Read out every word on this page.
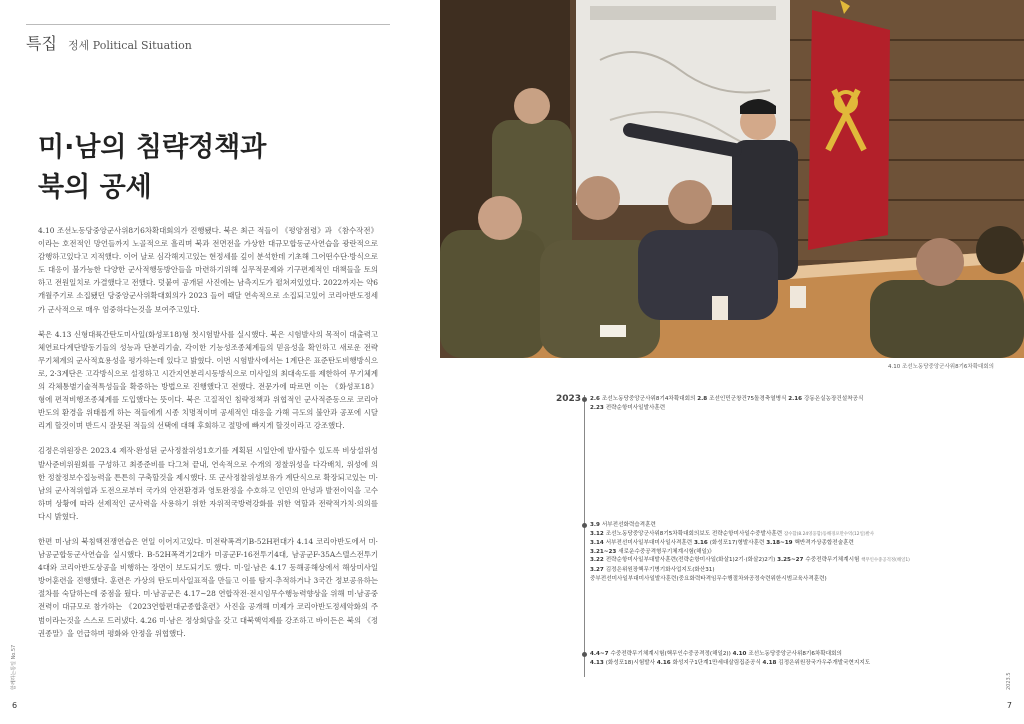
특집 정세 Political Situation
미·남의 침략정책과
북의 공세

4.10 조선노동당중앙군사위8기6차확대회의가 진행됐다. 북은 최근 적들이 《평양점령》과 《참수작전》이라는 호전적인 망언들까지 노골적으로 흘리며 북과 전면전을 가상한 대규모합동군사연습을 광란적으로 감행하고있다고 지적했다. 이어 날로 심각해지고있는 현정세를 깊이 분석한데 기초해 그어떤수단·방식으로도 대응이 불가능한 다양한 군사적행동방안들을 마련하기위해 실무적문제와 기구편제적인 대책들을 토의하고 전원일치로 가결했다고 전했다. 덧붙여 공개된 사진에는 남측지도가 펼쳐져있었다. 2022까지는 약6개월주기로 소집됐던 당중앙군사위확대회의가 2023 들어 때달 연속적으로 소집되고있어 코리아반도정세가 군사적으로 매우 엄중하다는것을 보여주고있다.

북은 4.13 신형대륙간탄도미사일(화성포18)형 첫시험발사를 실시했다. 북은 시험발사의 목적이 대출력고체연료다계단발동기들의 성능과 단분리기술, 각이한 기능성조종체계들의 믿음성을 확인하고 새로운 전략무기체계의 군사적효용성을 평가하는데 있다고 밝혔다. 이번 시험발사에서는 1계단은 표준탄도비행방식으로, 2·3계단은 고각방식으로 설정하고 시간지연분리시동방식으로 미사일의 최대속도를 제한하여 무기체계의 각체통별기술적특성들을 확증하는 방법으로 진행했다고 전했다. 전문가에 따르면 이는 《화성포18》형에 편적비행조종체계를 도입했다는 뜻이다. 북은 고질적인 침략정책과 위협적인 군사적준동으로 코리아반도의 환경을 위태롭게 하는 적들에게 시종 치명적이며 공세적인 대응을 가해 극도의 불안과 공포에 시달리게 할것이며 반드시 잘못된 적들의 선택에 대해 후회하고 절망에 빠지게 할것이라고 강조했다.

김정은위원장은 2023.4 제작·완성된 군사정찰위성1호기를 계획된 시일안에 발사할수 있도록 비상설위성발사준비위원회를 구성하고 최종준비를 다그쳐 끝내, 연속적으로 수개의 정찰위성을 다각배치, 위성에 의한 정찰정보수집능력을 튼튼히 구축할것을 제시했다. 또 군사정찰위성보유가 계단식으로 확장되고있는 미·남의 군사적위협과 도전으로부터 국가의 안전환경과 영토완정을 수호하고 인민의 안녕과 발전이익을 고수하며 상황에 따라 선제적인 군사력을 사용하기 위한 자위적국방력강화를 위한 역할과 전략적가치·의의를 다시 밝혔다.

한편 미·남의 북침핵전쟁연습은 연일 이어지고있다. 미전략폭격기B-52H편대가 4.14 코리아반도에서 미·남공군합동군사연습을 실시했다. B-52H폭격기2대가 미공군F-16전투기4대, 남공군F-35A스텔스전투기4대와 코리아반도상공을 비행하는 장면이 보도되기도 했다. 미·일·남은 4.17 동해공해상에서 해상미사일방어훈련을 진행했다. 훈련은 가상의 탄도미사일표적을 만들고 이를 탐지·추적하거나 3국간 정보공유하는 절차를 숙달하는데 중점을 뒀다. 미·남공군은 4.17~28 연합작전·전시임무수행능력향상을 위해 미·남공중전력이 대규모로 참가하는 《2023연합편대군종합훈련》사진을 공개해 미제가 코리아반도정세악화의 주범이라는것을 스스로 드러냈다. 4.26 미·남은 정상회담을 갖고 대북핵억제를 강조하고 바이든은 북의 《정권종말》을 언급하며 평화와 안정을 위협했다.

함께하는통일 No.57
6
4.10 조선노동당중앙군사위8기6차확대회의
2023.5
7
2023 2.6 조선노동당중앙군사위8기4차확대회의 2.8 조선인민군창건75돌경축열병식 2.16 강동온실농장건설착공식
2.23 전략순항미사일발사훈련
3.9 서부전선화력습격훈련
3.12 조선노동당중앙군사위8기5차확대회의보도 전략순항미사일수중발사훈련 잠수함(8.24영웅함)동해경포만수역(12일)발사
3.14 서부전선미사일부대미사일사격훈련 3.16 (화성포17)형발사훈련 3.18~19 핵반격가상종합전술훈련
3.21~23 새로운수중공격형무기체계시험(해일)》
3.22 전략순항미사일부대발사훈련(전략순항미사일(화살1)2기·(화살2)2기) 3.25~27 수중전략무기체계시험 핵무인수중공격정(해일1)
3.27 김정은위원장핵무기병기화사업지도(화산31)
중부전선미사일부대미사일발사훈련(중요화력타격임무수행절차와공정숙련위한시범교육사격훈련)
4.4~7 수중전략무기체계시험(핵무인수중공격정(해일2)) 4.10 조선노동당중앙군사위8기6차확대회의
4.13 (화성포18)시험발사 4.16 화성지구1단계1만세대살림집준공식 4.18 김정은위원장국가우주개발국현지지도
